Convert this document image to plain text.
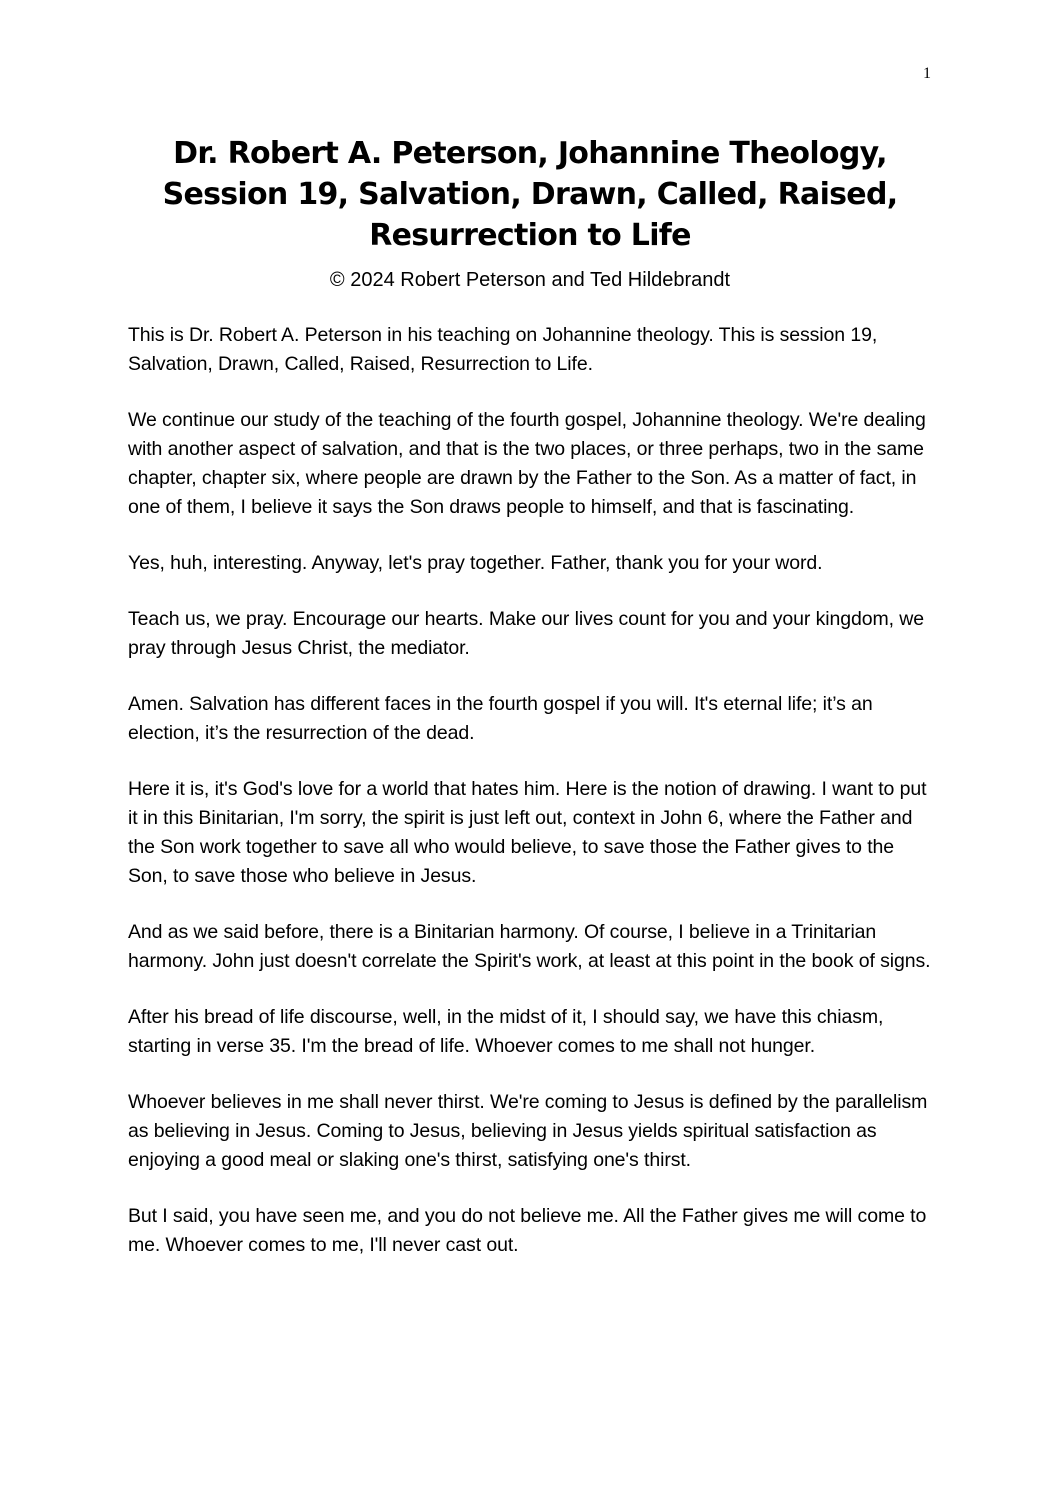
1
Dr. Robert A. Peterson, Johannine Theology,
Session 19, Salvation, Drawn, Called, Raised,
Resurrection to Life
© 2024 Robert Peterson and Ted Hildebrandt

This is Dr. Robert A. Peterson in his teaching on Johannine theology. This is session 19, Salvation, Drawn, Called, Raised, Resurrection to Life.

We continue our study of the teaching of the fourth gospel, Johannine theology. We're dealing with another aspect of salvation, and that is the two places, or three perhaps, two in the same chapter, chapter six, where people are drawn by the Father to the Son. As a matter of fact, in one of them, I believe it says the Son draws people to himself, and that is fascinating.

Yes, huh, interesting. Anyway, let's pray together. Father, thank you for your word.

Teach us, we pray. Encourage our hearts. Make our lives count for you and your kingdom, we pray through Jesus Christ, the mediator.

Amen. Salvation has different faces in the fourth gospel if you will. It's eternal life; it’s an election, it’s the resurrection of the dead.

Here it is, it's God's love for a world that hates him. Here is the notion of drawing. I want to put it in this Binitarian, I'm sorry, the spirit is just left out, context in John 6, where the Father and the Son work together to save all who would believe, to save those the Father gives to the Son, to save those who believe in Jesus.

And as we said before, there is a Binitarian harmony. Of course, I believe in a Trinitarian harmony. John just doesn't correlate the Spirit's work, at least at this point in the book of signs.

After his bread of life discourse, well, in the midst of it, I should say, we have this chiasm, starting in verse 35. I'm the bread of life. Whoever comes to me shall not hunger.

Whoever believes in me shall never thirst. We're coming to Jesus is defined by the parallelism as believing in Jesus. Coming to Jesus, believing in Jesus yields spiritual satisfaction as enjoying a good meal or slaking one's thirst, satisfying one's thirst.

But I said, you have seen me, and you do not believe me. All the Father gives me will come to me. Whoever comes to me, I'll never cast out.
